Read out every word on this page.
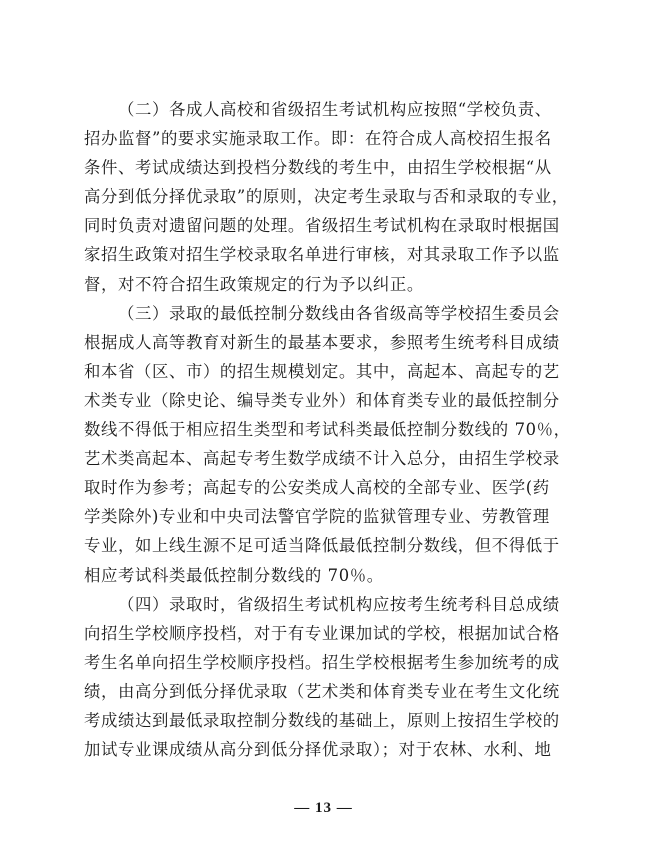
（二）各成人高校和省级招生考试机构应按照“学校负责、
招办监督”的要求实施录取工作。即：在符合成人高校招生报名
条件、考试成绩达到投档分数线的考生中，由招生学校根据“从
高分到低分择优录取”的原则，决定考生录取与否和录取的专业，
同时负责对遗留问题的处理。省级招生考试机构在录取时根据国
家招生政策对招生学校录取名单进行审核，对其录取工作予以监
督，对不符合招生政策规定的行为予以纠正。

（三）录取的最低控制分数线由各省级高等学校招生委员会
根据成人高等教育对新生的最基本要求，参照考生统考科目成绩
和本省（区、市）的招生规模划定。其中，高起本、高起专的艺
术类专业（除史论、编导类专业外）和体育类专业的最低控制分
数线不得低于相应招生类型和考试科类最低控制分数线的 70％，
艺术类高起本、高起专考生数学成绩不计入总分，由招生学校录
取时作为参考；高起专的公安类成人高校的全部专业、医学(药
学类除外)专业和中央司法警官学院的监狱管理专业、劳教管理
专业，如上线生源不足可适当降低最低控制分数线，但不得低于
相应考试科类最低控制分数线的 70％。

（四）录取时，省级招生考试机构应按考生统考科目总成绩
向招生学校顺序投档，对于有专业课加试的学校，根据加试合格
考生名单向招生学校顺序投档。招生学校根据考生参加统考的成
绩，由高分到低分择优录取（艺术类和体育类专业在考生文化统
考成绩达到最低录取控制分数线的基础上，原则上按招生学校的
加试专业课成绩从高分到低分择优录取）；对于农林、水利、地

— 13 —
